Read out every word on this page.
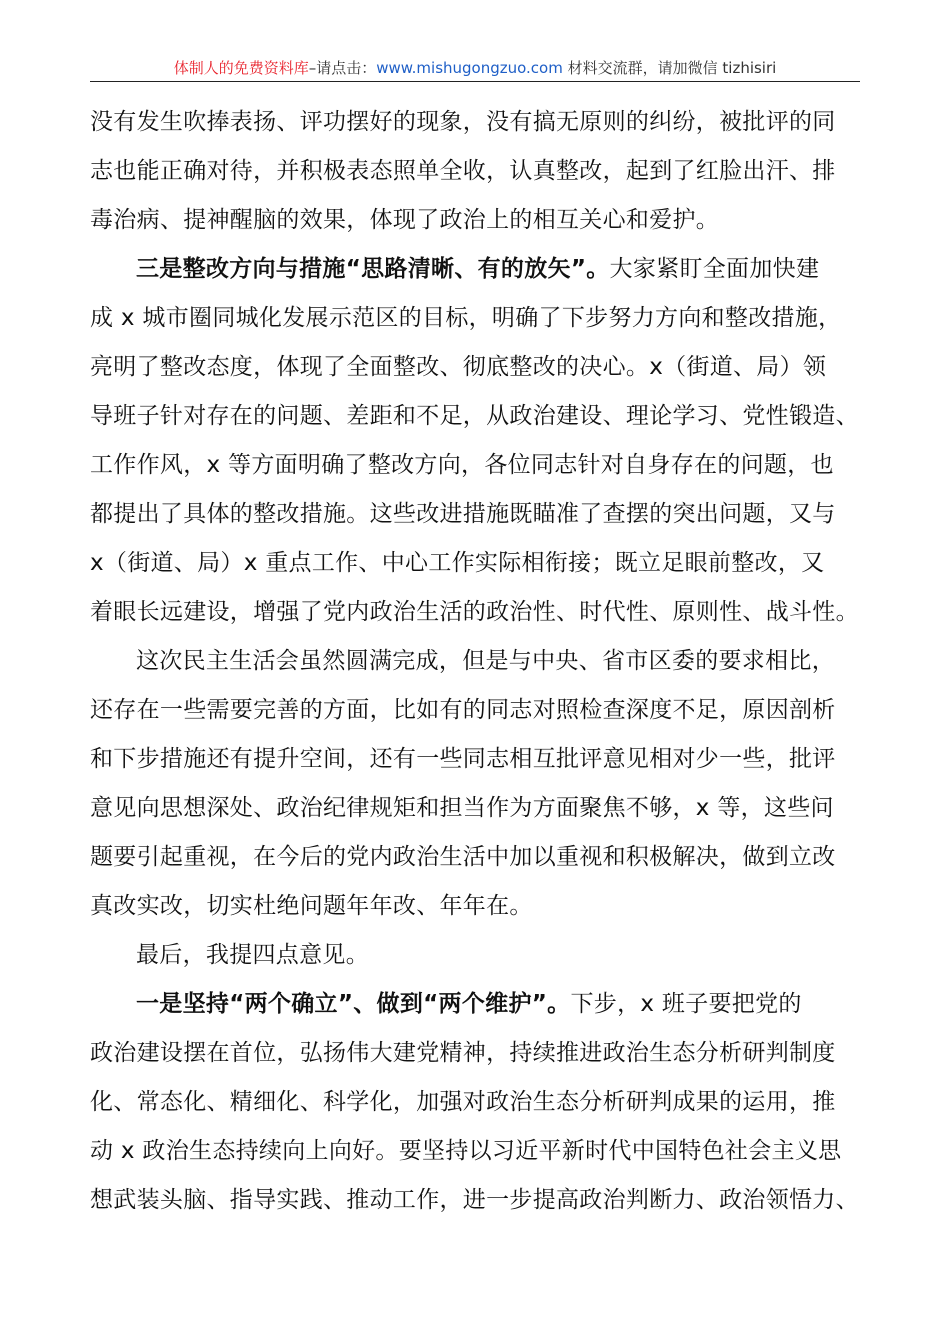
体制人的免费资料库–请点击：www.mishugongzuo.com 材料交流群，请加微信 tizhisiri

没有发生吹捧表扬、评功摆好的现象，没有搞无原则的纠纷，被批评的同
志也能正确对待，并积极表态照单全收，认真整改，起到了红脸出汗、排
毒治病、提神醒脑的效果，体现了政治上的相互关心和爱护。

三是整改方向与措施“思路清晰、有的放矢”。大家紧盯全面加快建
成 x 城市圈同城化发展示范区的目标，明确了下步努力方向和整改措施，
亮明了整改态度，体现了全面整改、彻底整改的决心。x（街道、局）领
导班子针对存在的问题、差距和不足，从政治建设、理论学习、党性锻造、
工作作风，x 等方面明确了整改方向，各位同志针对自身存在的问题，也
都提出了具体的整改措施。这些改进措施既瞄准了查摆的突出问题，又与
x（街道、局）x 重点工作、中心工作实际相衔接；既立足眼前整改，又
着眼长远建设，增强了党内政治生活的政治性、时代性、原则性、战斗性。

这次民主生活会虽然圆满完成，但是与中央、省市区委的要求相比，
还存在一些需要完善的方面，比如有的同志对照检查深度不足，原因剖析
和下步措施还有提升空间，还有一些同志相互批评意见相对少一些，批评
意见向思想深处、政治纪律规矩和担当作为方面聚焦不够，x 等，这些问
题要引起重视，在今后的党内政治生活中加以重视和积极解决，做到立改
真改实改，切实杜绝问题年年改、年年在。

最后，我提四点意见。

一是坚持“两个确立”、做到“两个维护”。下步，x 班子要把党的
政治建设摆在首位，弘扬伟大建党精神，持续推进政治生态分析研判制度
化、常态化、精细化、科学化，加强对政治生态分析研判成果的运用，推
动 x 政治生态持续向上向好。要坚持以习近平新时代中国特色社会主义思
想武装头脑、指导实践、推动工作，进一步提高政治判断力、政治领悟力、
